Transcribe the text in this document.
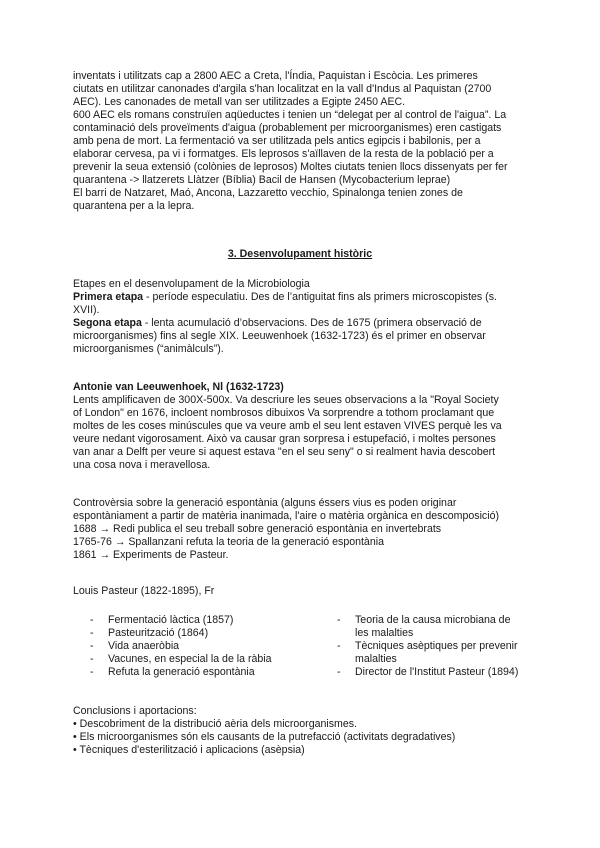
inventats i utilitzats cap a 2800 AEC a Creta, l'Índia, Paquistan i Escòcia. Les primeres

ciutats en utilitzar canonades d'argila s'han localitzat en la vall d'Indus al Paquistan (2700

AEC). Les canonades de metall van ser utilitzades a Egipte 2450 AEC.

600 AEC els romans construïen aqüeductes i tenien un “delegat per al control de l'aigua”. La

contaminació dels proveïments d'aigua (probablement per microorganismes) eren castigats

amb pena de mort. La fermentació va ser utilitzada pels antics egipcis i babilonis, per a

elaborar cervesa, pa vi i formatges. Els leprosos s'aïllaven de la resta de la població per a

prevenir la seua extensió (colònies de leprosos) Moltes ciutats tenien llocs dissenyats per fer

quarantena -> llatzerets Llàtzer (Bíblia) Bacil de Hansen (Mycobacterium leprae)

El barri de Natzaret, Maó, Ancona, Lazzaretto vecchio, Spinalonga tenien zones de

quarantena per a la lepra.

3. Desenvolupament històric

Etapes en el desenvolupament de la Microbiologia

Primera etapa - període especulatiu. Des de l’antiguitat fins als primers microscopistes (s.

XVII).

Segona etapa - lenta acumulació d’observacions. Des de 1675 (primera observació de

microorganismes) fins al segle XIX. Leeuwenhoek (1632-1723) és el primer en observar

microorganismes (“animàlculs”).

Antonie van Leeuwenhoek, Nl (1632-1723)

Lents amplificaven de 300X-500x. Va descriure les seues observacions a la "Royal Society

of London" en 1676, incloent nombrosos dibuixos Va sorprendre a tothom proclamant que

moltes de les coses minúscules que va veure amb el seu lent estaven VIVES perquè les va

veure nedant vigorosament. Això va causar gran sorpresa i estupefació, i moltes persones

van anar a Delft per veure si aquest estava "en el seu seny" o si realment havia descobert

una cosa nova i meravellosa.

Controvèrsia sobre la generació espontània (alguns éssers vius es poden originar

espontàniament a partir de matèria inanimada, l'aire o matèria orgànica en descomposició)

1688 → Redi publica el seu treball sobre generació espontània en invertebrats

1765-76 → Spallanzani refuta la teoria de la generació espontània

1861 → Experiments de Pasteur.

Louis Pasteur (1822-1895), Fr

- Fermentació làctica (1857)

- Pasteurització (1864)

- Vida anaeròbia

- Vacunes, en especial la de la ràbia

- Refuta la generació espontània

- Teoria de la causa microbiana de

les malalties

- Tècniques asèptiques per prevenir

malalties

- Director de l'Institut Pasteur (1894)

Conclusions i aportacions:

• Descobriment de la distribució aèria dels microorganismes.

• Els microorganismes són els causants de la putrefacció (activitats degradatives)

• Tècniques d'esterilització i aplicacions (asèpsia)
